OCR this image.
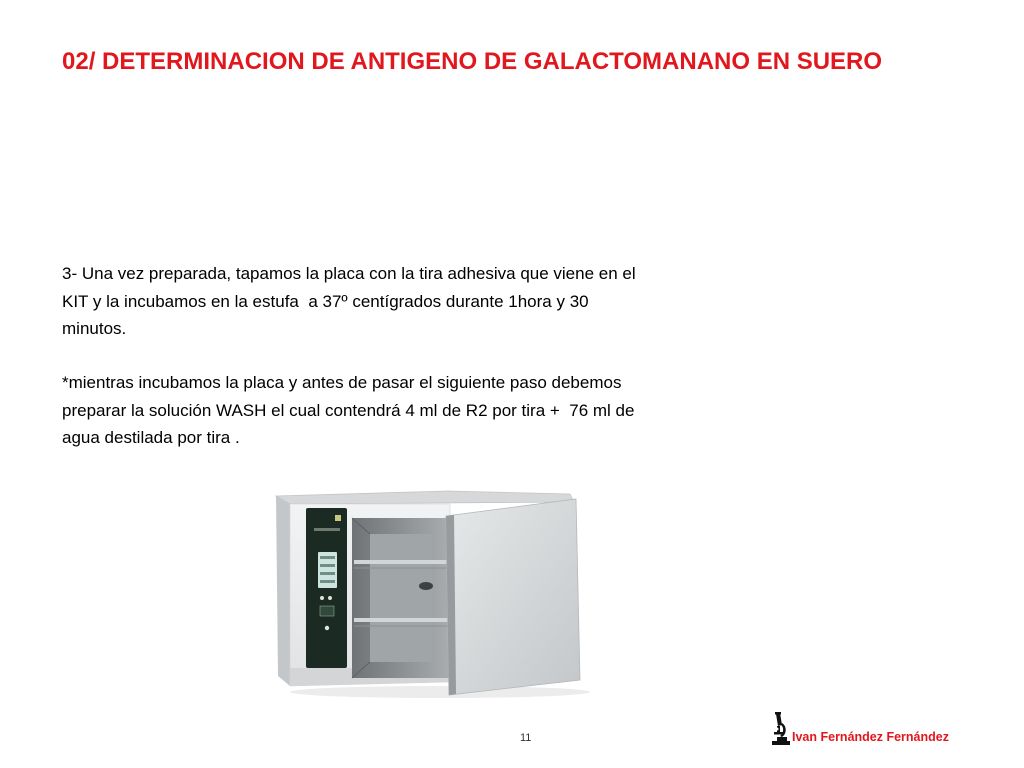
02/ DETERMINACION DE ANTIGENO DE GALACTOMANANO EN SUERO
3- Una vez preparada, tapamos la placa con la tira adhesiva que viene en el
KIT y la incubamos en la estufa  a 37º centígrados durante 1hora y 30
minutos.
*mientras incubamos la placa y antes de pasar el siguiente paso debemos
preparar la solución WASH el cual contendrá 4 ml de R2 por tira +  76 ml de
agua destilada por tira .
11	Ivan Fernández Fernández
